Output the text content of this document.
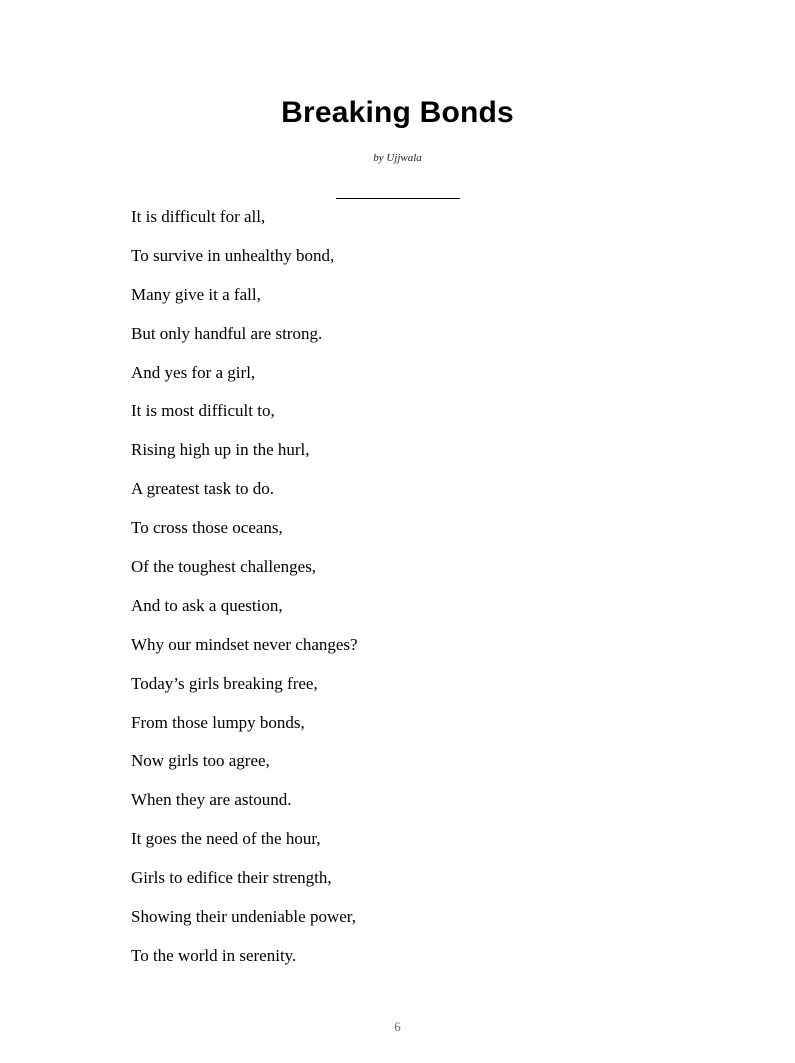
Breaking Bonds
by Ujjwala
It is difficult for all,
To survive in unhealthy bond,
Many give it a fall,
But only handful are strong.
And yes for a girl,
It is most difficult to,
Rising high up in the hurl,
A greatest task to do.
To cross those oceans,
Of the toughest challenges,
And to ask a question,
Why our mindset never changes?
Today’s girls breaking free,
From those lumpy bonds,
Now girls too agree,
When they are astound.
It goes the need of the hour,
Girls to edifice their strength,
Showing their undeniable power,
To the world in serenity.
6
